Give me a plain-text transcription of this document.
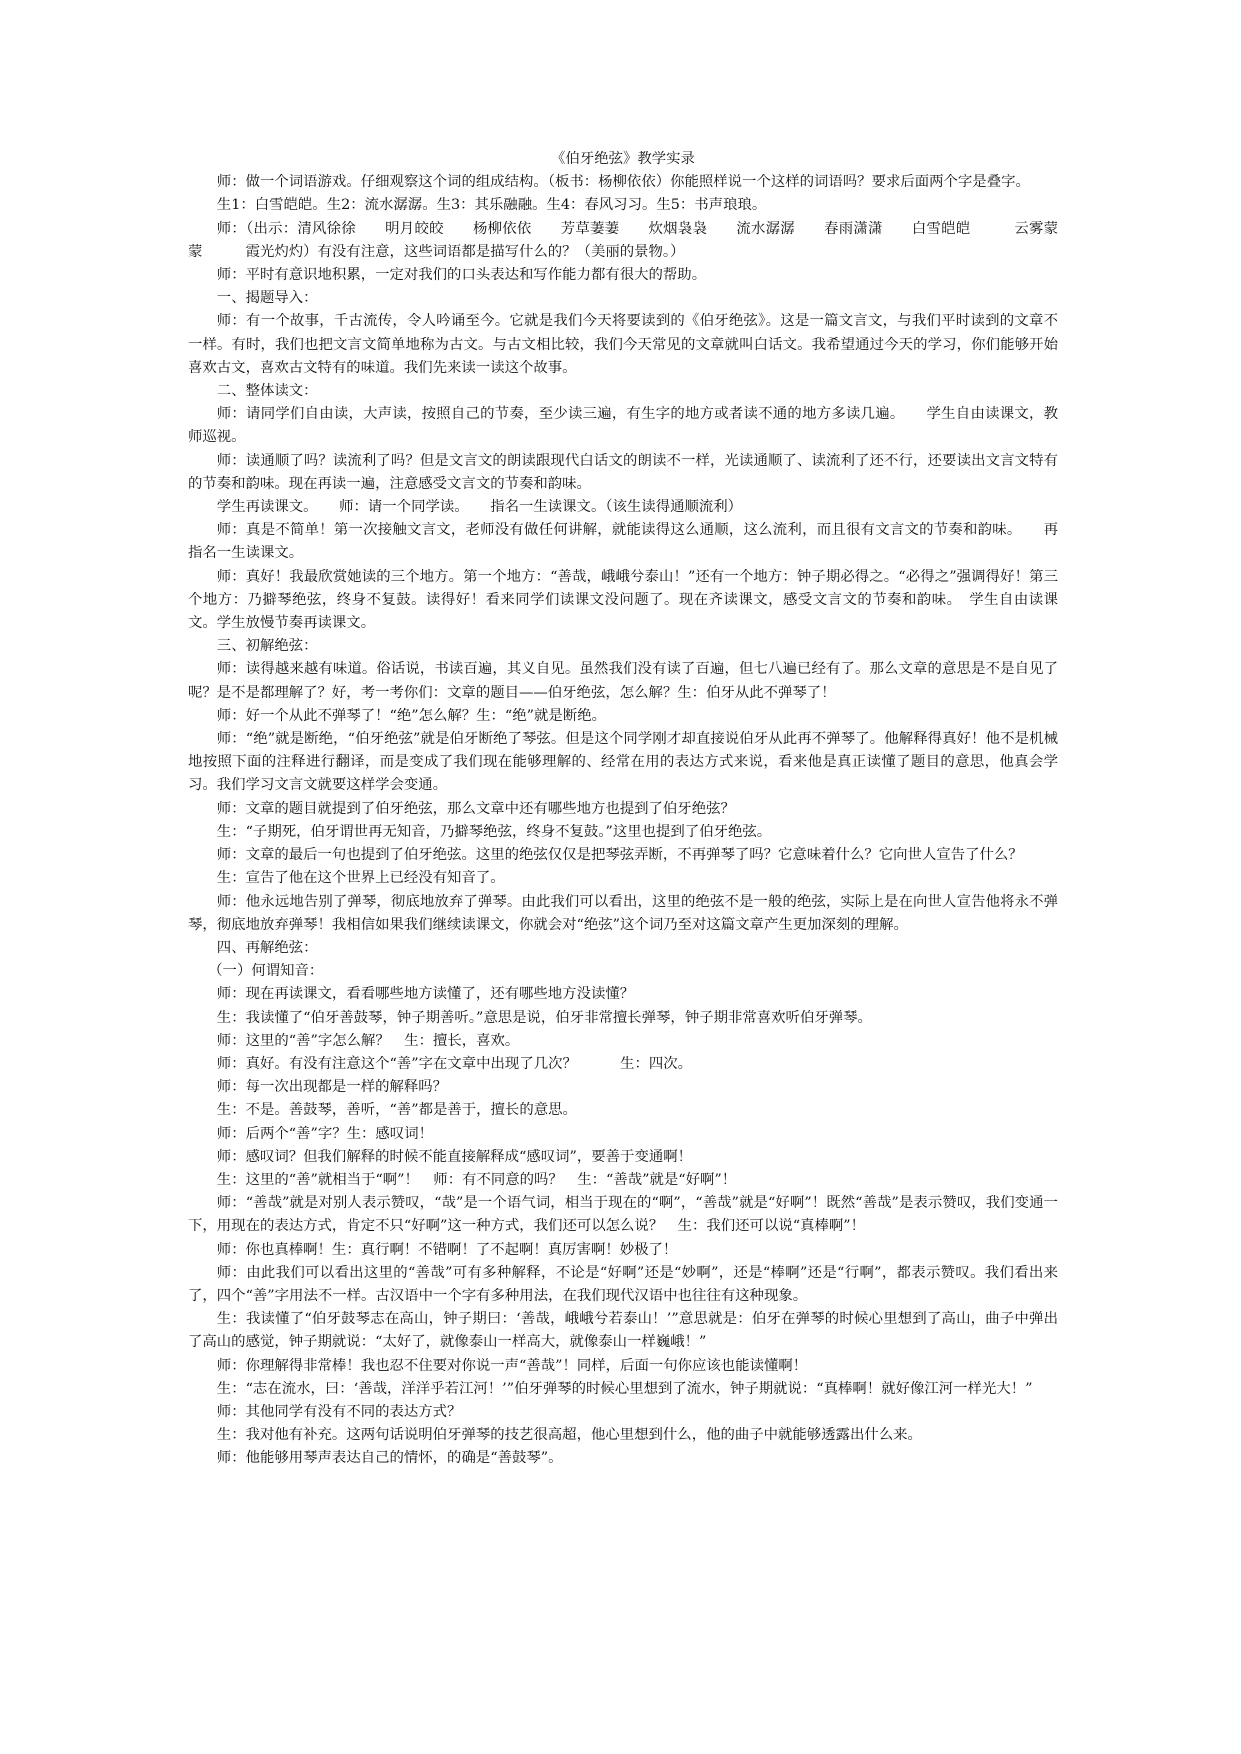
《伯牙绝弦》教学实录

师：做一个词语游戏。仔细观察这个词的组成结构。（板书：杨柳依依）你能照样说一个这样的词语吗？要求后面两个字是叠字。

生1：白雪皑皑。生2：流水潺潺。生3：其乐融融。生4：春风习习。生5：书声琅琅。

师：（出示：清风徐徐　　明月皎皎　　杨柳依依　　芳草萋萋　　炊烟袅袅　　流水潺潺　　春雨潇潇　　白雪皑皑　　　云雾蒙蒙　　　霞光灼灼）有没有注意，这些词语都是描写什么的？（美丽的景物。）

师：平时有意识地积累，一定对我们的口头表达和写作能力都有很大的帮助。

一、揭题导入：

师：有一个故事，千古流传，令人吟诵至今。它就是我们今天将要读到的《伯牙绝弦》。这是一篇文言文，与我们平时读到的文章不一样。有时，我们也把文言文简单地称为古文。与古文相比较，我们今天常见的文章就叫白话文。我希望通过今天的学习，你们能够开始喜欢古文，喜欢古文特有的味道。我们先来读一读这个故事。

二、整体读文：

师：请同学们自由读，大声读，按照自己的节奏，至少读三遍，有生字的地方或者读不通的地方多读几遍。　　学生自由读课文，教师巡视。

师：读通顺了吗？读流利了吗？但是文言文的朗读跟现代白话文的朗读不一样，光读通顺了、读流利了还不行，还要读出文言文特有的节奏和韵味。现在再读一遍，注意感受文言文的节奏和韵味。

学生再读课文。　　师：请一个同学读。　　指名一生读课文。（该生读得通顺流利）

师：真是不简单！第一次接触文言文，老师没有做任何讲解，就能读得这么通顺，这么流利，而且很有文言文的节奏和韵味。　　再指名一生读课文。

师：真好！我最欣赏她读的三个地方。第一个地方：“善哉，峨峨兮泰山！”还有一个地方：钟子期必得之。“必得之”强调得好！第三个地方：乃擗琴绝弦，终身不复鼓。读得好！看来同学们读课文没问题了。现在齐读课文，感受文言文的节奏和韵味。　学生自由读课文。学生放慢节奏再读课文。

三、初解绝弦：

师：读得越来越有味道。俗话说，书读百遍，其义自见。虽然我们没有读了百遍，但七八遍已经有了。那么文章的意思是不是自见了呢？是不是都理解了？好，考一考你们：文章的题目——伯牙绝弦，怎么解？生：伯牙从此不弹琴了！

师：好一个从此不弹琴了！“绝”怎么解？生：“绝”就是断绝。

师：“绝”就是断绝，“伯牙绝弦”就是伯牙断绝了琴弦。但是这个同学刚才却直接说伯牙从此再不弹琴了。他解释得真好！他不是机械地按照下面的注释进行翻译，而是变成了我们现在能够理解的、经常在用的表达方式来说，看来他是真正读懂了题目的意思，他真会学习。我们学习文言文就要这样学会变通。

师：文章的题目就提到了伯牙绝弦，那么文章中还有哪些地方也提到了伯牙绝弦？

生：“子期死，伯牙谓世再无知音，乃擗琴绝弦，终身不复鼓。”这里也提到了伯牙绝弦。

师：文章的最后一句也提到了伯牙绝弦。这里的绝弦仅仅是把琴弦弄断，不再弹琴了吗？它意味着什么？它向世人宣告了什么？

生：宣告了他在这个世界上已经没有知音了。

师：他永远地告别了弹琴，彻底地放弃了弹琴。由此我们可以看出，这里的绝弦不是一般的绝弦，实际上是在向世人宣告他将永不弹琴，彻底地放弃弹琴！我相信如果我们继续读课文，你就会对“绝弦”这个词乃至对这篇文章产生更加深刻的理解。

四、再解绝弦：

（一）何谓知音：

师：现在再读课文，看看哪些地方读懂了，还有哪些地方没读懂？

生：我读懂了“伯牙善鼓琴，钟子期善听。”意思是说，伯牙非常擅长弹琴，钟子期非常喜欢听伯牙弹琴。

师：这里的“善”字怎么解？　生：擅长，喜欢。

师：真好。有没有注意这个“善”字在文章中出现了几次？　　　生：四次。

师：每一次出现都是一样的解释吗？

生：不是。善鼓琴，善听，“善”都是善于，擅长的意思。

师：后两个“善”字？生：感叹词！

师：感叹词？但我们解释的时候不能直接解释成“感叹词”，要善于变通啊！

生：这里的“善”就相当于“啊”！　师：有不同意的吗？　生：“善哉”就是“好啊”！

师：“善哉”就是对别人表示赞叹，“哉”是一个语气词，相当于现在的“啊”，“善哉”就是“好啊”！既然“善哉”是表示赞叹，我们变通一下，用现在的表达方式，肯定不只“好啊”这一种方式，我们还可以怎么说？　生：我们还可以说“真棒啊”！

师：你也真棒啊！生：真行啊！不错啊！了不起啊！真厉害啊！妙极了！

师：由此我们可以看出这里的“善哉”可有多种解释，不论是“好啊”还是“妙啊”，还是“棒啊”还是“行啊”，都表示赞叹。我们看出来了，四个“善”字用法不一样。古汉语中一个字有多种用法，在我们现代汉语中也往往有这种现象。

生：我读懂了“伯牙鼓琴志在高山，钟子期曰：‘善哉，峨峨兮若泰山！’”意思就是：伯牙在弹琴的时候心里想到了高山，曲子中弹出了高山的感觉，钟子期就说：“太好了，就像泰山一样高大，就像泰山一样巍峨！”

师：你理解得非常棒！我也忍不住要对你说一声“善哉”！同样，后面一句你应该也能读懂啊！

生：“志在流水，曰：‘善哉，洋洋乎若江河！’”伯牙弹琴的时候心里想到了流水，钟子期就说：“真棒啊！就好像江河一样光大！”

师：其他同学有没有不同的表达方式？

生：我对他有补充。这两句话说明伯牙弹琴的技艺很高超，他心里想到什么，他的曲子中就能够透露出什么来。

师：他能够用琴声表达自己的情怀，的确是“善鼓琴”。
